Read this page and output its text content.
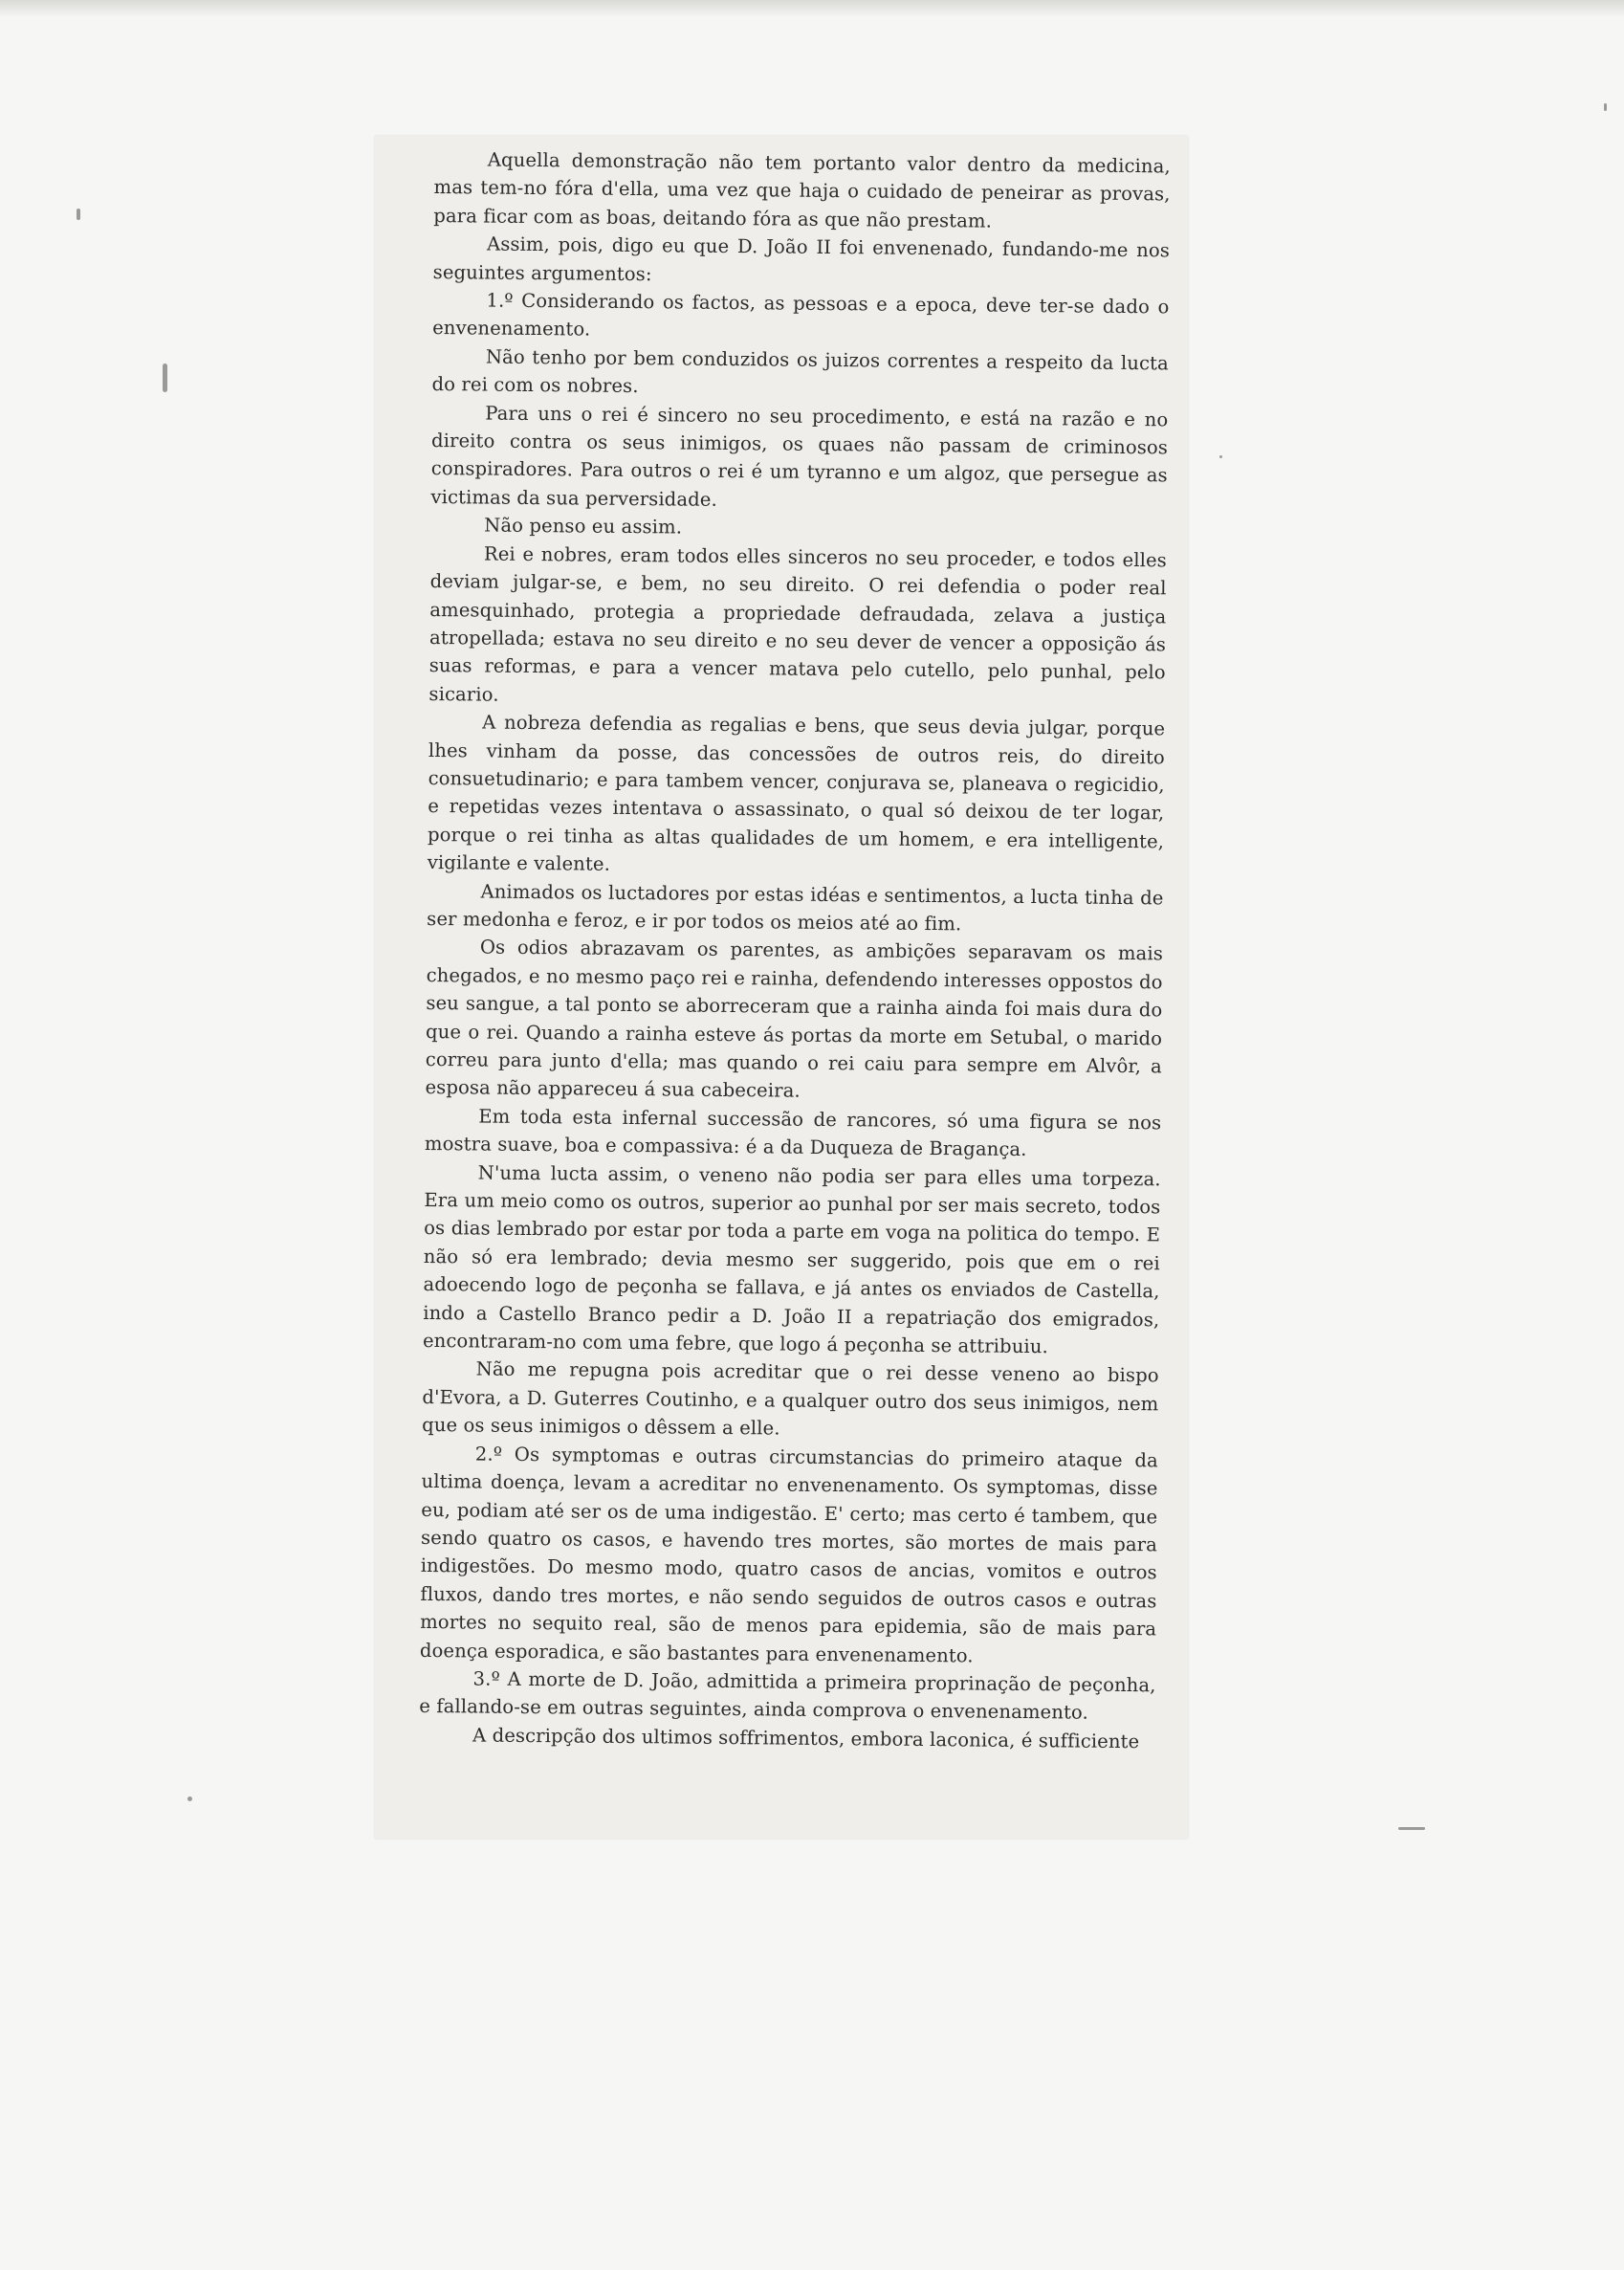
Aquella demonstração não tem portanto valor dentro da medicina, mas tem-no fóra d'ella, uma vez que haja o cuidado de peneirar as provas, para ficar com as boas, deitando fóra as que não prestam.

Assim, pois, digo eu que D. João II foi envenenado, fundando-me nos seguintes argumentos:

1.º Considerando os factos, as pessoas e a epoca, deve ter-se dado o envenenamento.

Não tenho por bem conduzidos os juizos correntes a respeito da lucta do rei com os nobres.

Para uns o rei é sincero no seu procedimento, e está na razão e no direito contra os seus inimigos, os quaes não passam de criminosos conspiradores. Para outros o rei é um tyranno e um algoz, que persegue as victimas da sua perversidade.

Não penso eu assim.

Rei e nobres, eram todos elles sinceros no seu proceder, e todos elles deviam julgar-se, e bem, no seu direito. O rei defendia o poder real amesquinhado, protegia a propriedade defraudada, zelava a justiça atropellada; estava no seu direito e no seu dever de vencer a opposição ás suas reformas, e para a vencer matava pelo cutello, pelo punhal, pelo sicario.

A nobreza defendia as regalias e bens, que seus devia julgar, porque lhes vinham da posse, das concessões de outros reis, do direito consuetudinario; e para tambem vencer, conjurava se, planeava o regicidio, e repetidas vezes intentava o assassinato, o qual só deixou de ter logar, porque o rei tinha as altas qualidades de um homem, e era intelligente, vigilante e valente.

Animados os luctadores por estas idéas e sentimentos, a lucta tinha de ser medonha e feroz, e ir por todos os meios até ao fim.

Os odios abrazavam os parentes, as ambições separavam os mais chegados, e no mesmo paço rei e rainha, defendendo interesses oppostos do seu sangue, a tal ponto se aborreceram que a rainha ainda foi mais dura do que o rei. Quando a rainha esteve ás portas da morte em Setubal, o marido correu para junto d'ella; mas quando o rei caiu para sempre em Alvôr, a esposa não appareceu á sua cabeceira.

Em toda esta infernal successão de rancores, só uma figura se nos mostra suave, boa e compassiva: é a da Duqueza de Bragança.

N'uma lucta assim, o veneno não podia ser para elles uma torpeza. Era um meio como os outros, superior ao punhal por ser mais secreto, todos os dias lembrado por estar por toda a parte em voga na politica do tempo. E não só era lembrado; devia mesmo ser suggerido, pois que em o rei adoecendo logo de peçonha se fallava, e já antes os enviados de Castella, indo a Castello Branco pedir a D. João II a repatriação dos emigrados, encontraram-no com uma febre, que logo á peçonha se attribuiu.

Não me repugna pois acreditar que o rei desse veneno ao bispo d'Evora, a D. Guterres Coutinho, e a qualquer outro dos seus inimigos, nem que os seus inimigos o dêssem a elle.

2.º Os symptomas e outras circumstancias do primeiro ataque da ultima doença, levam a acreditar no envenenamento. Os symptomas, disse eu, podiam até ser os de uma indigestão. E' certo; mas certo é tambem, que sendo quatro os casos, e havendo tres mortes, são mortes de mais para indigestões. Do mesmo modo, quatro casos de ancias, vomitos e outros fluxos, dando tres mortes, e não sendo seguidos de outros casos e outras mortes no sequito real, são de menos para epidemia, são de mais para doença esporadica, e são bastantes para envenenamento.

3.º A morte de D. João, admittida a primeira proprinação de peçonha, e fallando-se em outras seguintes, ainda comprova o envenenamento.

A descripção dos ultimos soffrimentos, embora laconica, é sufficiente
